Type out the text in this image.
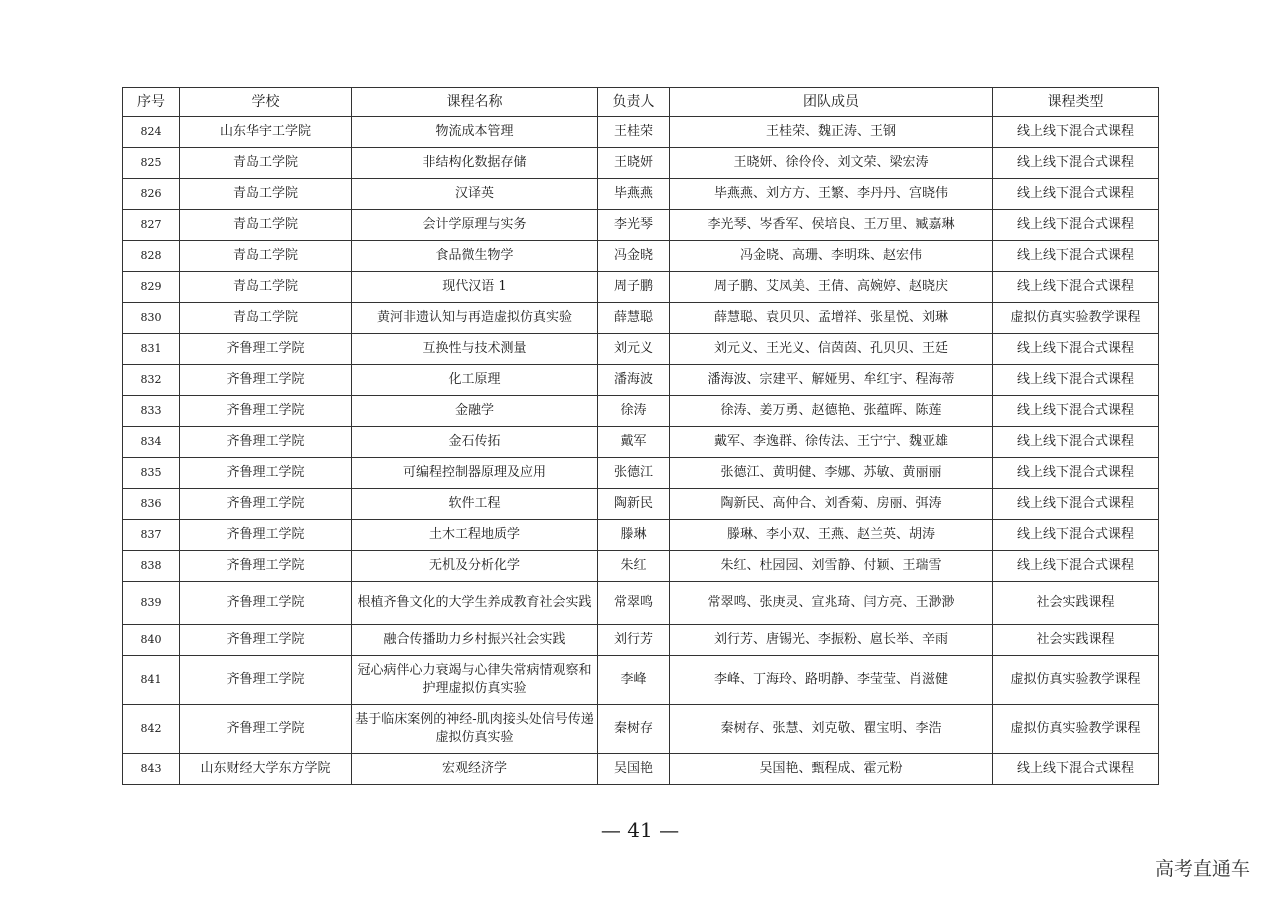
序号	学校	课程名称	负责人	团队成员	课程类型
824	山东华宇工学院	物流成本管理	王桂荣	王桂荣、魏正涛、王钢	线上线下混合式课程
825	青岛工学院	非结构化数据存储	王晓妍	王晓妍、徐伶伶、刘文荣、梁宏涛	线上线下混合式课程
826	青岛工学院	汉译英	毕燕燕	毕燕燕、刘方方、王繁、李丹丹、宫晓伟	线上线下混合式课程
827	青岛工学院	会计学原理与实务	李光琴	李光琴、岑香军、侯培良、王万里、臧嘉琳	线上线下混合式课程
828	青岛工学院	食品微生物学	冯金晓	冯金晓、高珊、李明珠、赵宏伟	线上线下混合式课程
829	青岛工学院	现代汉语 1	周子鹏	周子鹏、艾凤美、王倩、高婉婷、赵晓庆	线上线下混合式课程
830	青岛工学院	黄河非遗认知与再造虚拟仿真实验	薛慧聪	薛慧聪、袁贝贝、孟增祥、张星悦、刘琳	虚拟仿真实验教学课程
831	齐鲁理工学院	互换性与技术测量	刘元义	刘元义、王光义、信茵茵、孔贝贝、王廷	线上线下混合式课程
832	齐鲁理工学院	化工原理	潘海波	潘海波、宗建平、解娅男、牟红宇、程海蒂	线上线下混合式课程
833	齐鲁理工学院	金融学	徐涛	徐涛、姜万勇、赵德艳、张蕴晖、陈莲	线上线下混合式课程
834	齐鲁理工学院	金石传拓	戴军	戴军、李逸群、徐传法、王宁宁、魏亚雄	线上线下混合式课程
835	齐鲁理工学院	可编程控制器原理及应用	张德江	张德江、黄明健、李娜、苏敏、黄丽丽	线上线下混合式课程
836	齐鲁理工学院	软件工程	陶新民	陶新民、高仲合、刘香菊、房丽、弭涛	线上线下混合式课程
837	齐鲁理工学院	土木工程地质学	滕琳	滕琳、李小双、王燕、赵兰英、胡涛	线上线下混合式课程
838	齐鲁理工学院	无机及分析化学	朱红	朱红、杜园园、刘雪静、付颖、王瑞雪	线上线下混合式课程
839	齐鲁理工学院	根植齐鲁文化的大学生养成教育社会实践	常翠鸣	常翠鸣、张庚灵、宣兆琦、闫方亮、王渺渺	社会实践课程
840	齐鲁理工学院	融合传播助力乡村振兴社会实践	刘行芳	刘行芳、唐锡光、李振粉、扈长举、辛雨	社会实践课程
841	齐鲁理工学院	冠心病伴心力衰竭与心律失常病情观察和护理虚拟仿真实验	李峰	李峰、丁海玲、路明静、李莹莹、肖滋健	虚拟仿真实验教学课程
842	齐鲁理工学院	基于临床案例的神经-肌肉接头处信号传递虚拟仿真实验	秦树存	秦树存、张慧、刘克敬、瞿宝明、李浩	虚拟仿真实验教学课程
843	山东财经大学东方学院	宏观经济学	吴国艳	吴国艳、甄程成、霍元粉	线上线下混合式课程
— 41 —
高考直通车
